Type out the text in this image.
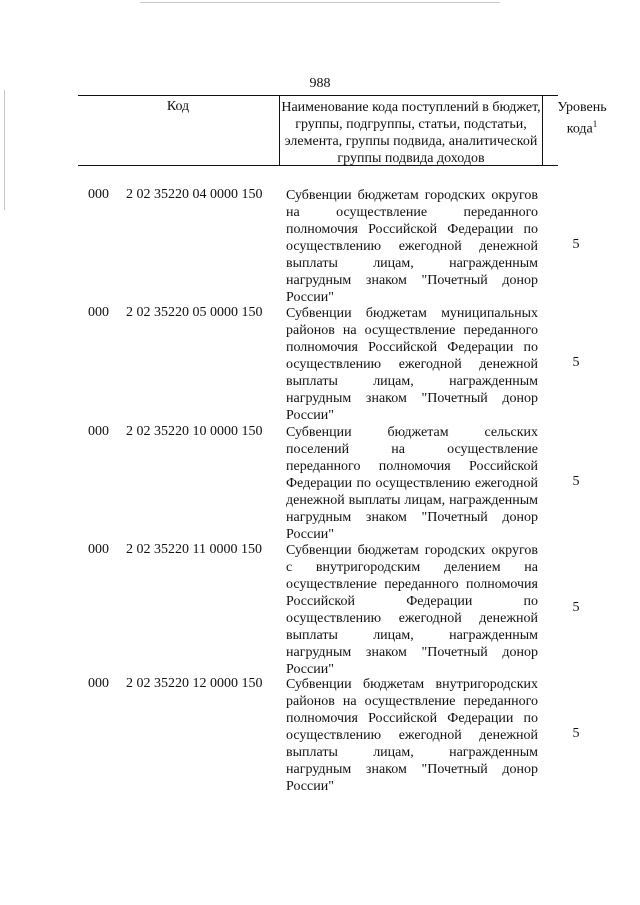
988
Код	Наименование кода поступлений в бюджет, группы, подгруппы, статьи, подстатьи, элемента, группы подвида, аналитической группы подвида доходов
Уровень кода$^1$
000 2 02 35220 04 0000 150 Субвенции бюджетам городских округов на осуществление переданного полномочия Российской Федерации по осуществлению ежегодной денежной выплаты лицам, награжденным нагрудным знаком "Почетный донор России"
5
000 2 02 35220 05 0000 150 Субвенции бюджетам муниципальных районов на осуществление переданного полномочия Российской Федерации по осуществлению ежегодной денежной выплаты лицам, награжденным нагрудным знаком "Почетный донор России"
5
000 2 02 35220 10 0000 150 Субвенции бюджетам сельских поселений на осуществление переданного полномочия Российской Федерации по осуществлению ежегодной денежной выплаты лицам, награжденным нагрудным знаком "Почетный донор России"
5
000 2 02 35220 11 0000 150 Субвенции бюджетам городских округов с внутригородским делением на осуществление переданного полномочия Российской Федерации по осуществлению ежегодной денежной выплаты лицам, награжденным нагрудным знаком "Почетный донор России"
5
000 2 02 35220 12 0000 150 Субвенции бюджетам внутригородских районов на осуществление переданного полномочия Российской Федерации по осуществлению ежегодной денежной выплаты лицам, награжденным нагрудным знаком "Почетный донор России"
5
